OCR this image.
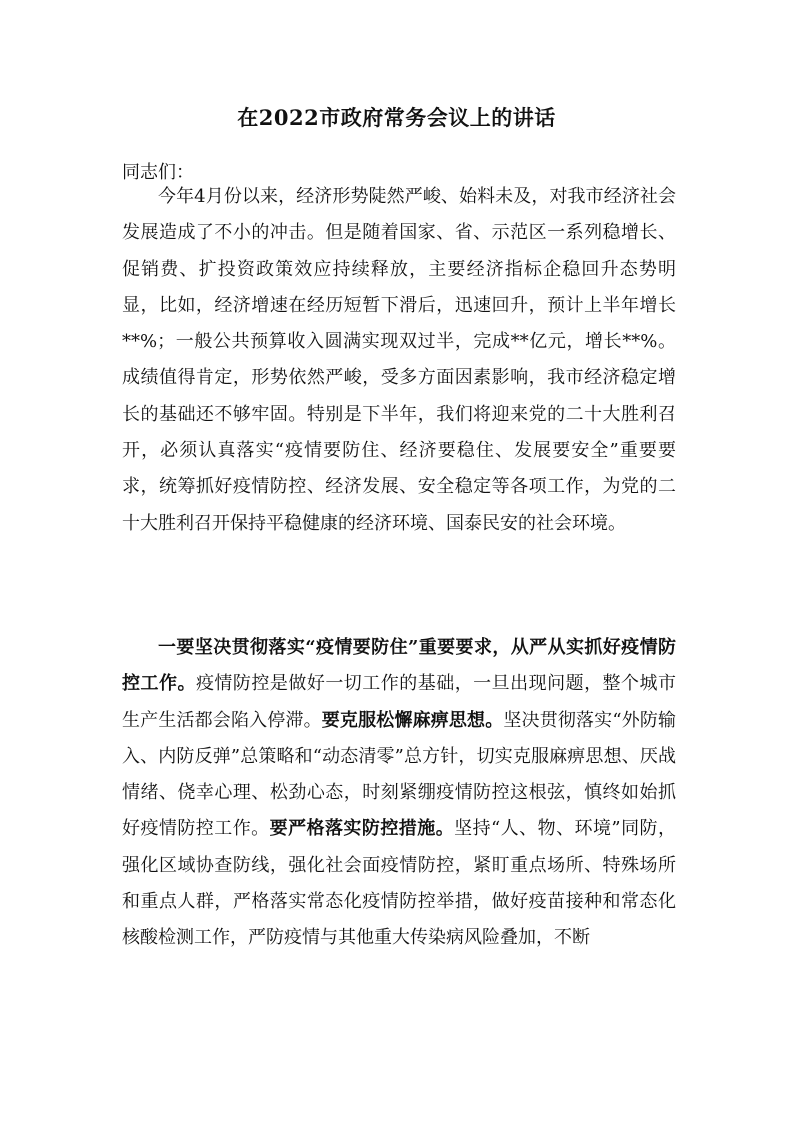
在2022市政府常务会议上的讲话
同志们：

今年4月份以来，经济形势陡然严峻、始料未及，对我市经济社会发展造成了不小的冲击。但是随着国家、省、示范区一系列稳增长、促销费、扩投资政策效应持续释放，主要经济指标企稳回升态势明显，比如，经济增速在经历短暂下滑后，迅速回升，预计上半年增长**%；一般公共预算收入圆满实现双过半，完成**亿元，增长**%。成绩值得肯定，形势依然严峻，受多方面因素影响，我市经济稳定增长的基础还不够牢固。特别是下半年，我们将迎来党的二十大胜利召开，必须认真落实“疫情要防住、经济要稳住、发展要安全”重要要求，统筹抓好疫情防控、经济发展、安全稳定等各项工作，为党的二十大胜利召开保持平稳健康的经济环境、国泰民安的社会环境。

一要坚决贯彻落实“疫情要防住”重要要求，从严从实抓好疫情防控工作。疫情防控是做好一切工作的基础，一旦出现问题，整个城市生产生活都会陷入停滞。要克服松懈麻痹思想。坚决贯彻落实“外防输入、内防反弹”总策略和“动态清零”总方针，切实克服麻痹思想、厌战情绪、侥幸心理、松劲心态，时刻紧绷疫情防控这根弦，慎终如始抓好疫情防控工作。要严格落实防控措施。坚持“人、物、环境”同防，强化区域协查防线，强化社会面疫情防控，紧盯重点场所、特殊场所和重点人群，严格落实常态化疫情防控举措，做好疫苗接种和常态化核酸检测工作，严防疫情与其他重大传染病风险叠加，不断
